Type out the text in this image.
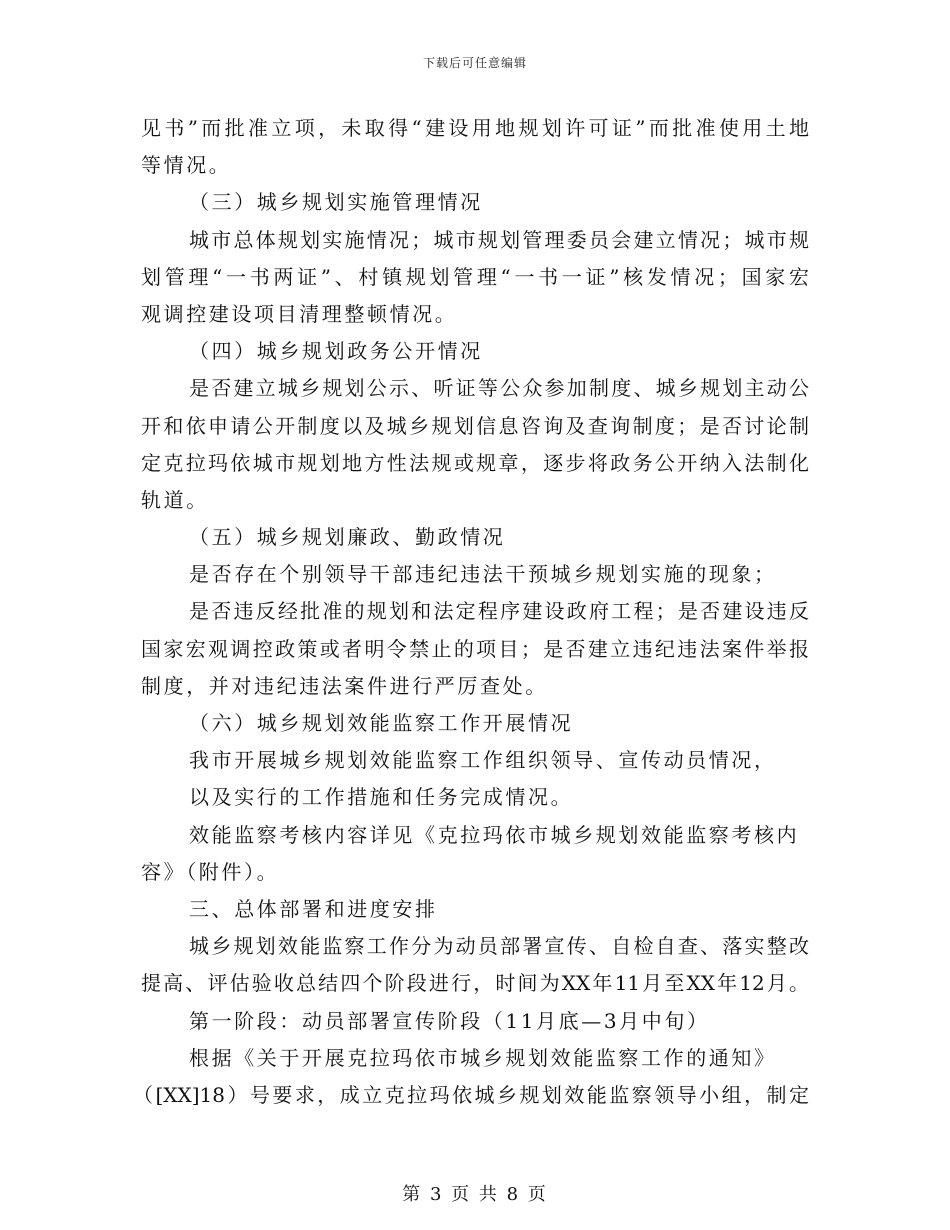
下载后可任意编辑
见书”而批准立项，未取得“建设用地规划许可证”而批准使用土地
等情况。
（三）城乡规划实施管理情况
城市总体规划实施情况；城市规划管理委员会建立情况；城市规
划管理“一书两证”、村镇规划管理“一书一证”核发情况；国家宏
观调控建设项目清理整顿情况。
（四）城乡规划政务公开情况
是否建立城乡规划公示、听证等公众参加制度、城乡规划主动公
开和依申请公开制度以及城乡规划信息咨询及查询制度；是否讨论制
定克拉玛依城市规划地方性法规或规章，逐步将政务公开纳入法制化
轨道。
（五）城乡规划廉政、勤政情况
是否存在个别领导干部违纪违法干预城乡规划实施的现象；
是否违反经批准的规划和法定程序建设政府工程；是否建设违反
国家宏观调控政策或者明令禁止的项目；是否建立违纪违法案件举报
制度，并对违纪违法案件进行严厉查处。
（六）城乡规划效能监察工作开展情况
我市开展城乡规划效能监察工作组织领导、宣传动员情况，
以及实行的工作措施和任务完成情况。
效能监察考核内容详见《克拉玛依市城乡规划效能监察考核内
容》（附件）。
三、总体部署和进度安排
城乡规划效能监察工作分为动员部署宣传、自检自查、落实整改
提高、评估验收总结四个阶段进行，时间为XX年11月至XX年12月。
第一阶段：动员部署宣传阶段（11月底—3月中旬）
根据《关于开展克拉玛依市城乡规划效能监察工作的通知》
（[XX]18）号要求，成立克拉玛依城乡规划效能监察领导小组，制定
第 3 页 共 8 页
